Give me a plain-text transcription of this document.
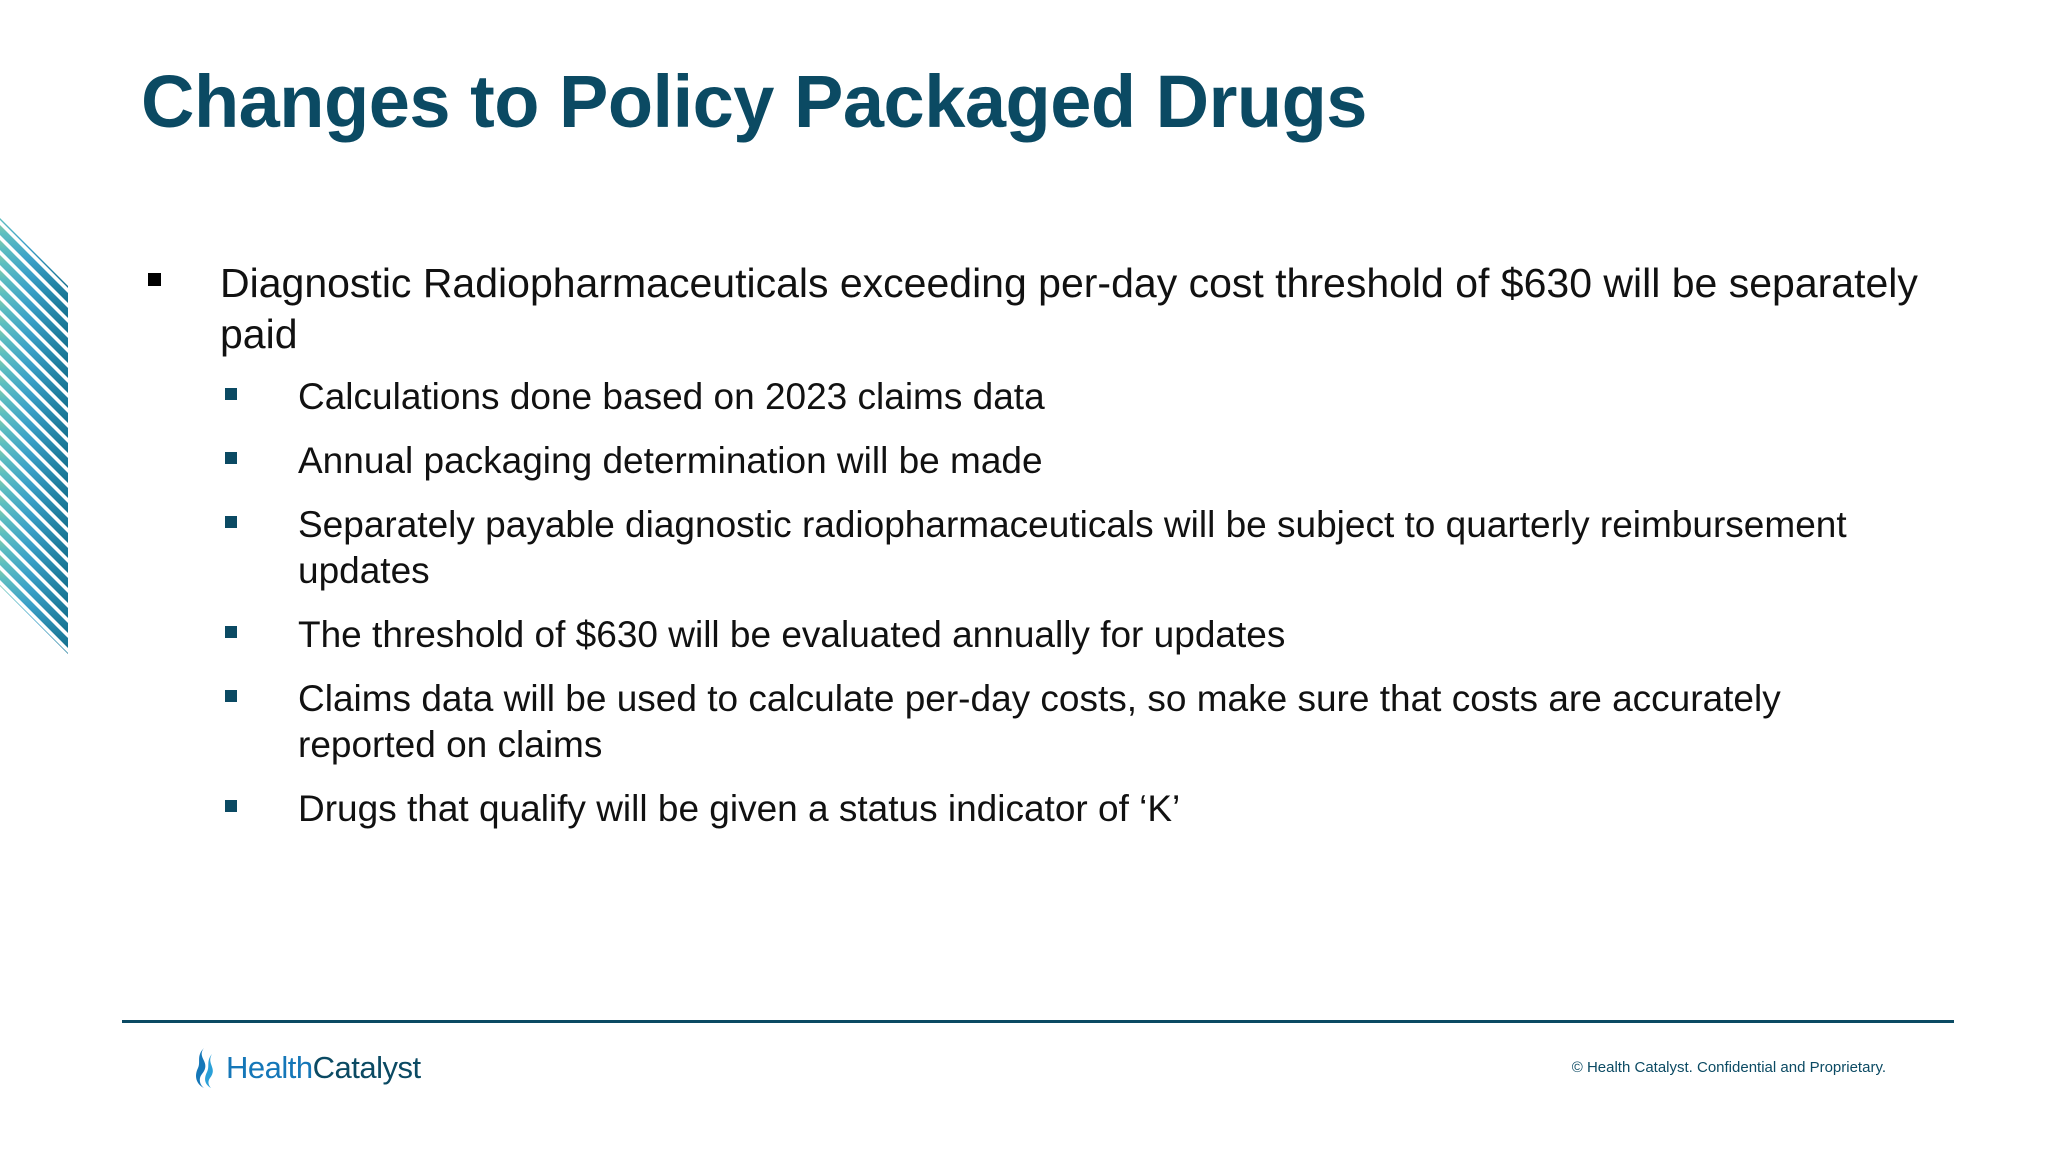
Changes to Policy Packaged Drugs
Diagnostic Radiopharmaceuticals exceeding per-day cost threshold of $630 will be separately paid
Calculations done based on 2023 claims data
Annual packaging determination will be made
Separately payable diagnostic radiopharmaceuticals will be subject to quarterly reimbursement updates
The threshold of $630 will be evaluated annually for updates
Claims data will be used to calculate per-day costs, so make sure that costs are accurately reported on claims
Drugs that qualify will be given a status indicator of ‘K’
HealthCatalyst	© Health Catalyst. Confidential and Proprietary.
